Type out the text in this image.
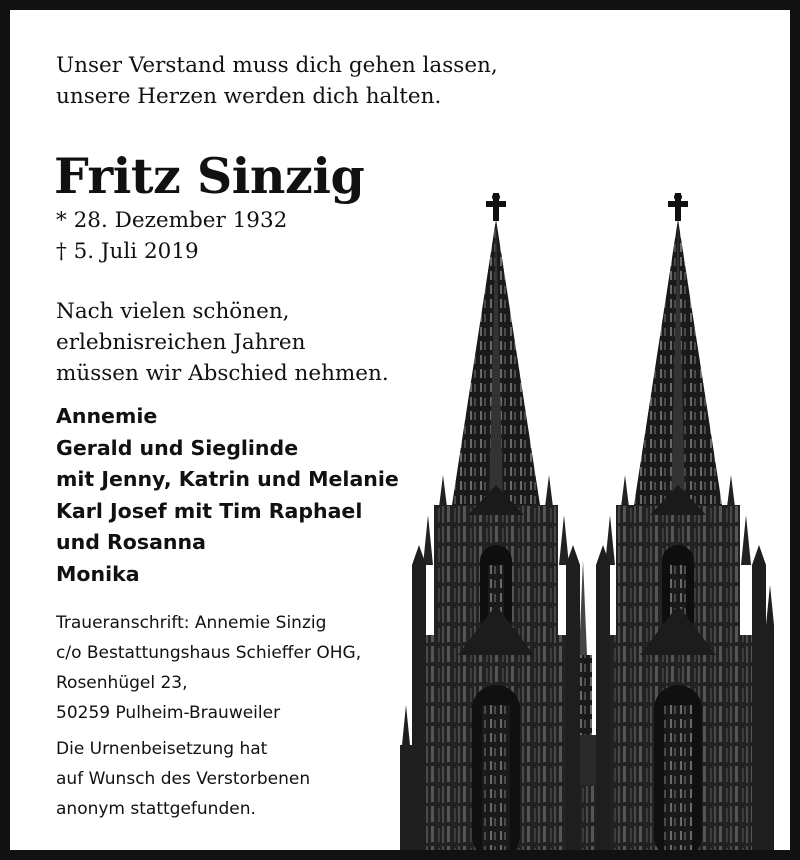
Unser Verstand muss dich gehen lassen,
unsere Herzen werden dich halten.
Fritz Sinzig
* 28. Dezember 1932
† 5. Juli 2019
Nach vielen schönen,
erlebnisreichen Jahren
müssen wir Abschied nehmen.
Annemie
Gerald und Sieglinde
mit Jenny, Katrin und Melanie
Karl Josef mit Tim Raphael
und Rosanna
Monika
Traueranschrift: Annemie Sinzig
c/o Bestattungshaus Schieffer OHG,
Rosenhügel 23,
50259 Pulheim-Brauweiler
Die Urnenbeisetzung hat
auf Wunsch des Verstorbenen
anonym stattgefunden.
